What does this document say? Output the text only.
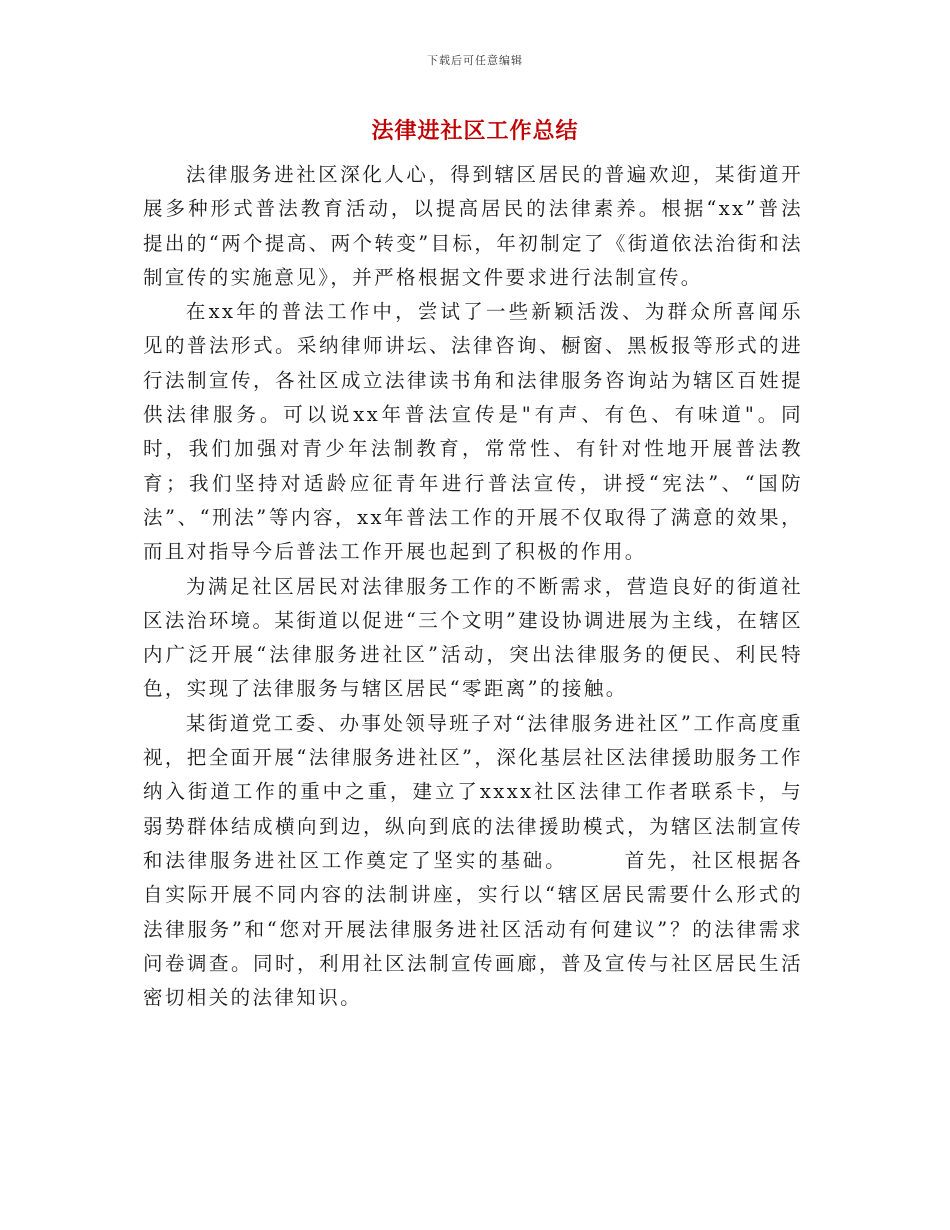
下载后可任意编辑
法律进社区工作总结

法律服务进社区深化人心，得到辖区居民的普遍欢迎，某街道开展多种形式普法教育活动，以提高居民的法律素养。根据“xx”普法提出的“两个提高、两个转变”目标，年初制定了《街道依法治街和法制宣传的实施意见》，并严格根据文件要求进行法制宣传。

在xx年的普法工作中，尝试了一些新颖活泼、为群众所喜闻乐见的普法形式。采纳律师讲坛、法律咨询、橱窗、黑板报等形式的进行法制宣传，各社区成立法律读书角和法律服务咨询站为辖区百姓提供法律服务。可以说xx年普法宣传是"有声、有色、有味道"。同时，我们加强对青少年法制教育，常常性、有针对性地开展普法教育；我们坚持对适龄应征青年进行普法宣传，讲授“宪法”、“国防法”、“刑法”等内容，xx年普法工作的开展不仅取得了满意的效果，而且对指导今后普法工作开展也起到了积极的作用。

为满足社区居民对法律服务工作的不断需求，营造良好的街道社区法治环境。某街道以促进“三个文明”建设协调进展为主线，在辖区内广泛开展“法律服务进社区”活动，突出法律服务的便民、利民特色，实现了法律服务与辖区居民“零距离”的接触。

某街道党工委、办事处领导班子对“法律服务进社区”工作高度重视，把全面开展“法律服务进社区”，深化基层社区法律援助服务工作纳入街道工作的重中之重，建立了xxxx社区法律工作者联系卡，与弱势群体结成横向到边，纵向到底的法律援助模式，为辖区法制宣传和法律服务进社区工作奠定了坚实的基础。　　　首先，社区根据各自实际开展不同内容的法制讲座，实行以“辖区居民需要什么形式的法律服务”和“您对开展法律服务进社区活动有何建议”？的法律需求问卷调查。同时，利用社区法制宣传画廊，普及宣传与社区居民生活密切相关的法律知识。
